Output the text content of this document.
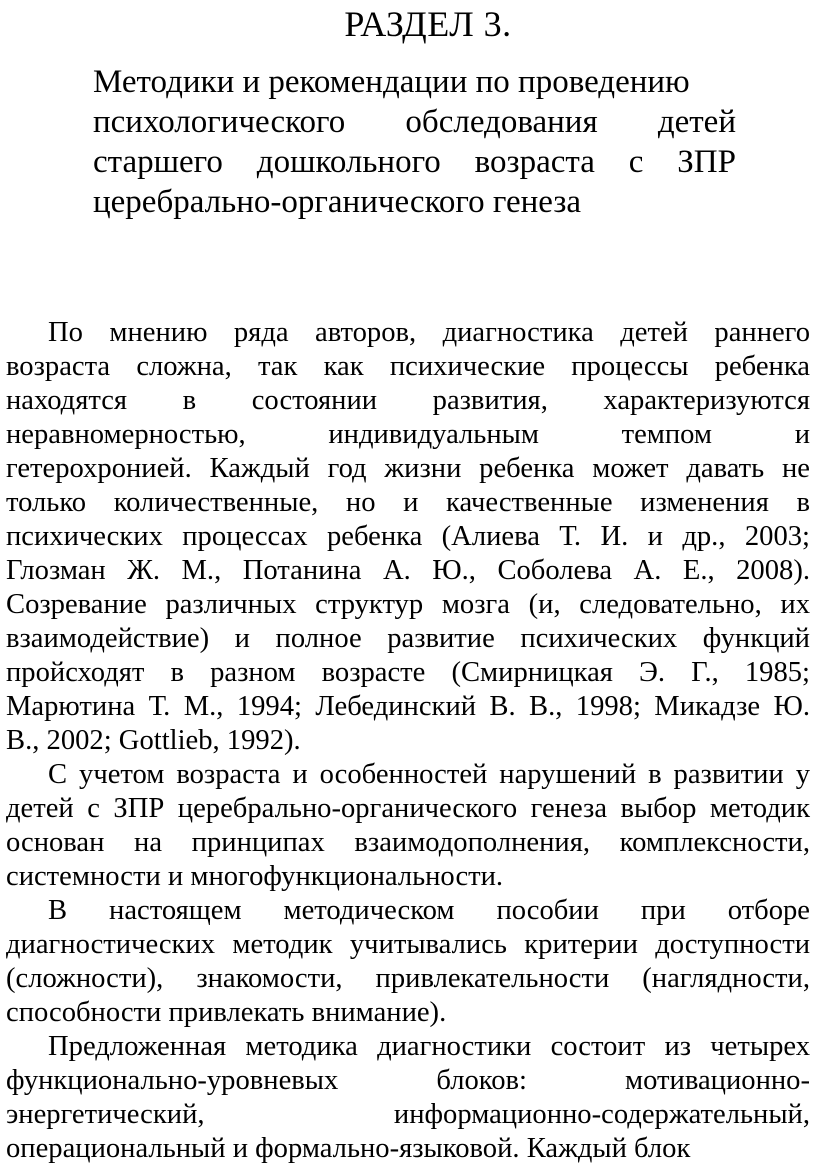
РАЗДЕЛ 3.
Методики и рекомендации по проведению
психологического обследования детей
старшего дошкольного возраста с ЗПР
церебрально-органического генеза
По мнению ряда авторов, диагностика детей раннего
возраста сложна, так как психические процессы ребенка
находятся в состоянии развития, характеризуются
неравномерностью, индивидуальным темпом и
гетерохронией. Каждый год жизни ребенка может давать не
только количественные, но и качественные изменения в
психических процессах ребенка (Алиева Т. И. и др., 2003;
Глозман Ж. М., Потанина А. Ю., Соболева А. Е., 2008).
Созревание различных структур мозга (и, следовательно, их
взаимодействие) и полное развитие психических функций
пройсходят в разном возрасте (Смирницкая Э. Г., 1985;
Марютина Т. М., 1994; Лебединский В. В., 1998; Микадзе Ю.
В., 2002; Gottlieb, 1992).
С учетом возраста и особенностей нарушений в развитии у
детей с ЗПР церебрально-органического генеза выбор методик
основан на принципах взаимодополнения, комплексности,
системности и многофункциональности.
В настоящем методическом пособии при отборе
диагностических методик учитывались критерии доступности
(сложности), знакомости, привлекательности (наглядности,
способности привлекать внимание).
Предложенная методика диагностики состоит из четырех
функционально-уровневых блоков: мотивационно-
энергетический, информационно-содержательный,
операциональный и формально-языковой. Каждый блок
